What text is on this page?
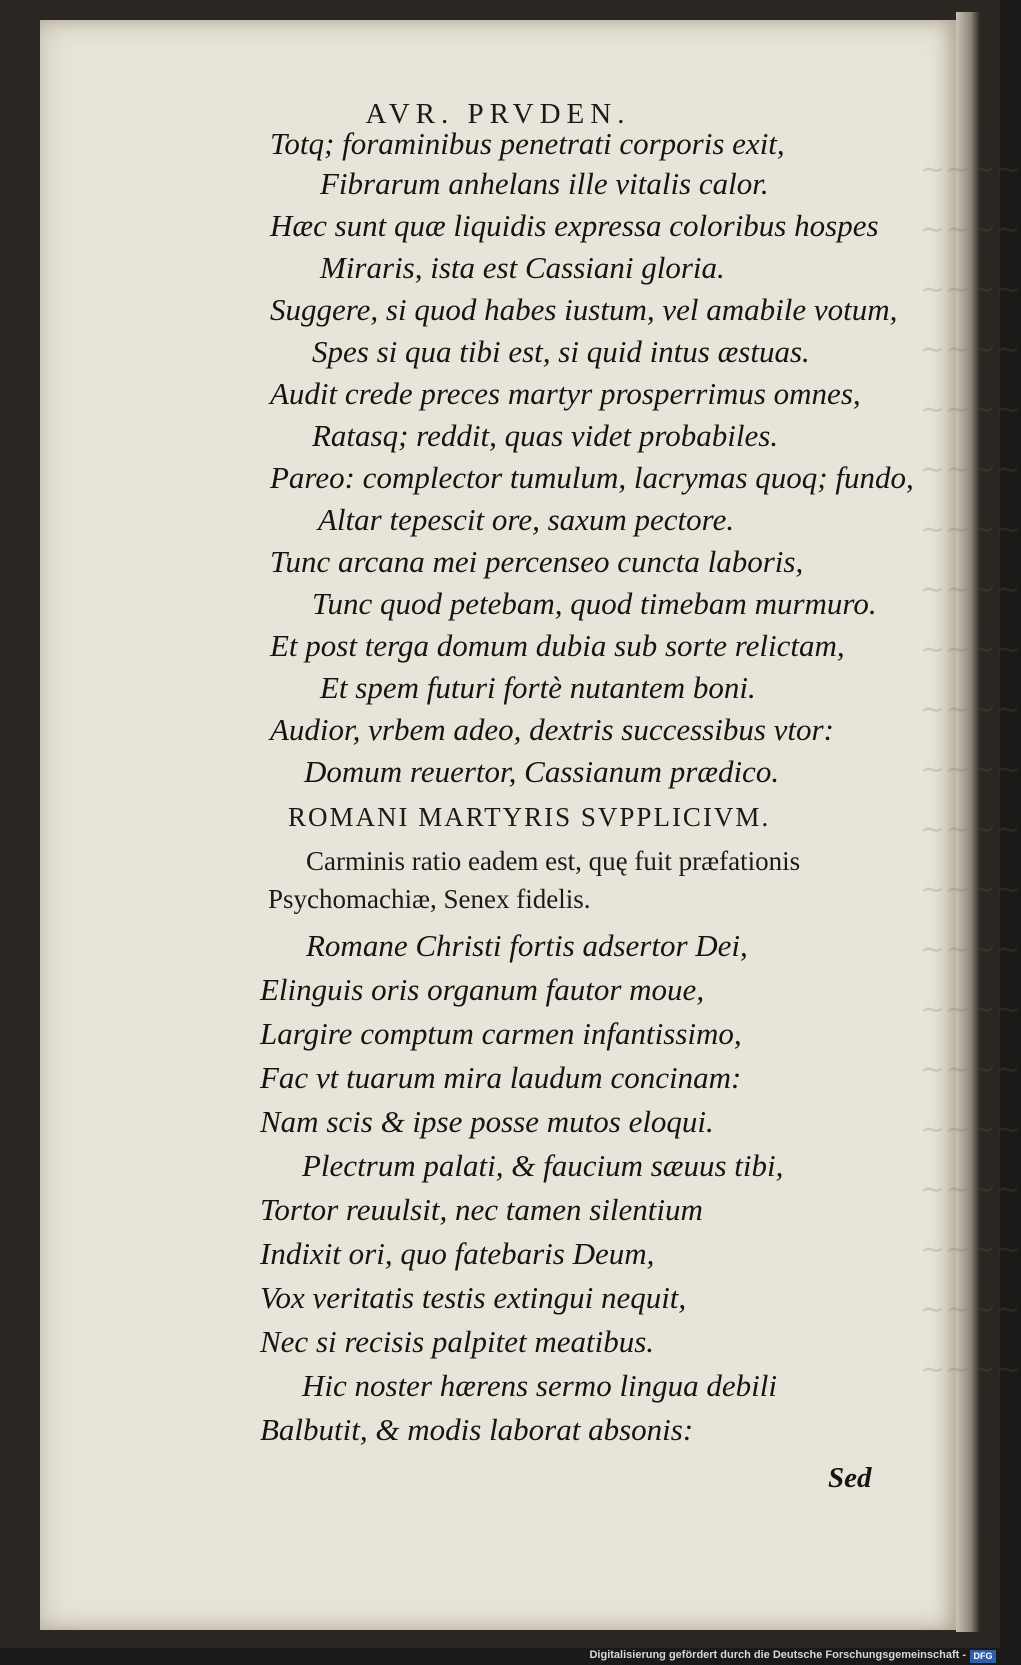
~~~~
~~~~
~~~~
~~~~
~~~~
~~~~
~~~~
~~~~
~~~~
~~~~
~~~~
~~~~
~~~~
~~~~
~~~~
~~~~
~~~~
~~~~
~~~~
~~~~
~~~~
AVR. PRVDEN.
Totq; foraminibus penetrati corporis exit,
Fibrarum anhelans ille vitalis calor.
Hæc sunt quæ liquidis expressa coloribus hospes
Miraris, ista est Cassiani gloria.
Suggere, si quod habes iustum, vel amabile votum,
Spes si qua tibi est, si quid intus æstuas.
Audit crede preces martyr prosperrimus omnes,
Ratasq; reddit, quas videt probabiles.
Pareo: complector tumulum, lacrymas quoq; fundo,
Altar tepescit ore, saxum pectore.
Tunc arcana mei percenseo cuncta laboris,
Tunc quod petebam, quod timebam murmuro.
Et post terga domum dubia sub sorte relictam,
Et spem futuri fortè nutantem boni.
Audior, vrbem adeo, dextris successibus vtor:
Domum reuertor, Cassianum prædico.
ROMANI MARTYRIS SVPPLICIVM.
Carminis ratio eadem est, quę fuit præfationis
Psychomachiæ, Senex fidelis.
Romane Christi fortis adsertor Dei,
Elinguis oris organum fautor moue,
Largire comptum carmen infantissimo,
Fac vt tuarum mira laudum concinam:
Nam scis & ipse posse mutos eloqui.
Plectrum palati, & faucium sæuus tibi,
Tortor reuulsit, nec tamen silentium
Indixit ori, quo fatebaris Deum,
Vox veritatis testis extingui nequit,
Nec si recisis palpitet meatibus.
Hic noster hærens sermo lingua debili
Balbutit, & modis laborat absonis:
Sed
Digitalisierung gefördert durch die Deutsche Forschungsgemeinschaft - DFG
